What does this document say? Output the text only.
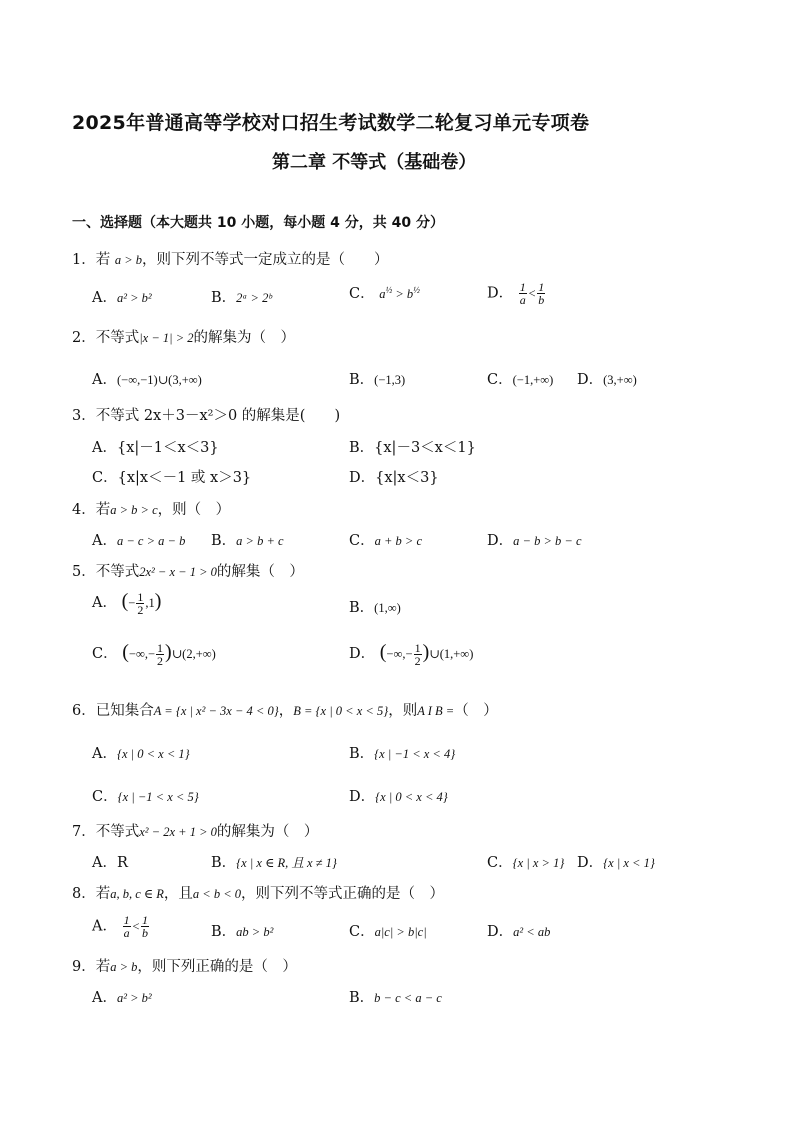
2025年普通高等学校对口招生考试数学二轮复习单元专项卷
第二章 不等式（基础卷）
一、选择题（本大题共 10 小题，每小题 4 分，共 40 分）
1．若 a > b，则下列不等式一定成立的是（　　）
A．a² > b²	B．2ᵃ > 2ᵇ	C． $a^{\frac{1}{2}} > b^{\frac{1}{2}}$	D． $\frac{1}{a} < \frac{1}{b}$
2．不等式|x − 1| > 2的解集为（　）
A．(−∞,−1)∪(3,+∞)	B．(−1,3)	C．(−1,+∞) D．(3,+∞)
3．不等式 2x＋3－x²＞0 的解集是(　　)
A．{x|－1＜x＜3}	B．{x|－3＜x＜1}
C．{x|x＜－1 或 x＞3}	D．{x|x＜3}
4．若a > b > c，则（　）
A．a − c > a − b B．a > b + c	C．a + b > c	D．a − b > b − c
5．不等式2x² − x − 1 > 0的解集（　）
A． (− $\frac{1}{2} ,1$)	B．(1,∞)
C． (−∞,− $\frac{1}{2}$ )∪(2,+∞)	D． (−∞,− $\frac{1}{2}$ )∪(1,+∞)
6．已知集合A = {x | x² − 3x − 4 < 0}，B = {x | 0 < x < 5}，则A I B =（　）
A．{x | 0 < x < 1}	B．{x | −1 < x < 4}
C．{x | −1 < x < 5}	D．{x | 0 < x < 4}
7．不等式x² − 2x + 1 > 0的解集为（　）
A．R	B．{x | x ∈ R, 且 x ≠ 1}	C．{x | x > 1} D．{x | x < 1}
8．若a, b, c ∈ R，且a < b < 0，则下列不等式正确的是（　）
A． $\frac{1}{a} < \frac{1}{b}$	B．ab > b²	C．a|c| > b|c|	D．a² < ab
9．若a > b，则下列正确的是（　）
A．a² > b²	B．b − c < a − c
